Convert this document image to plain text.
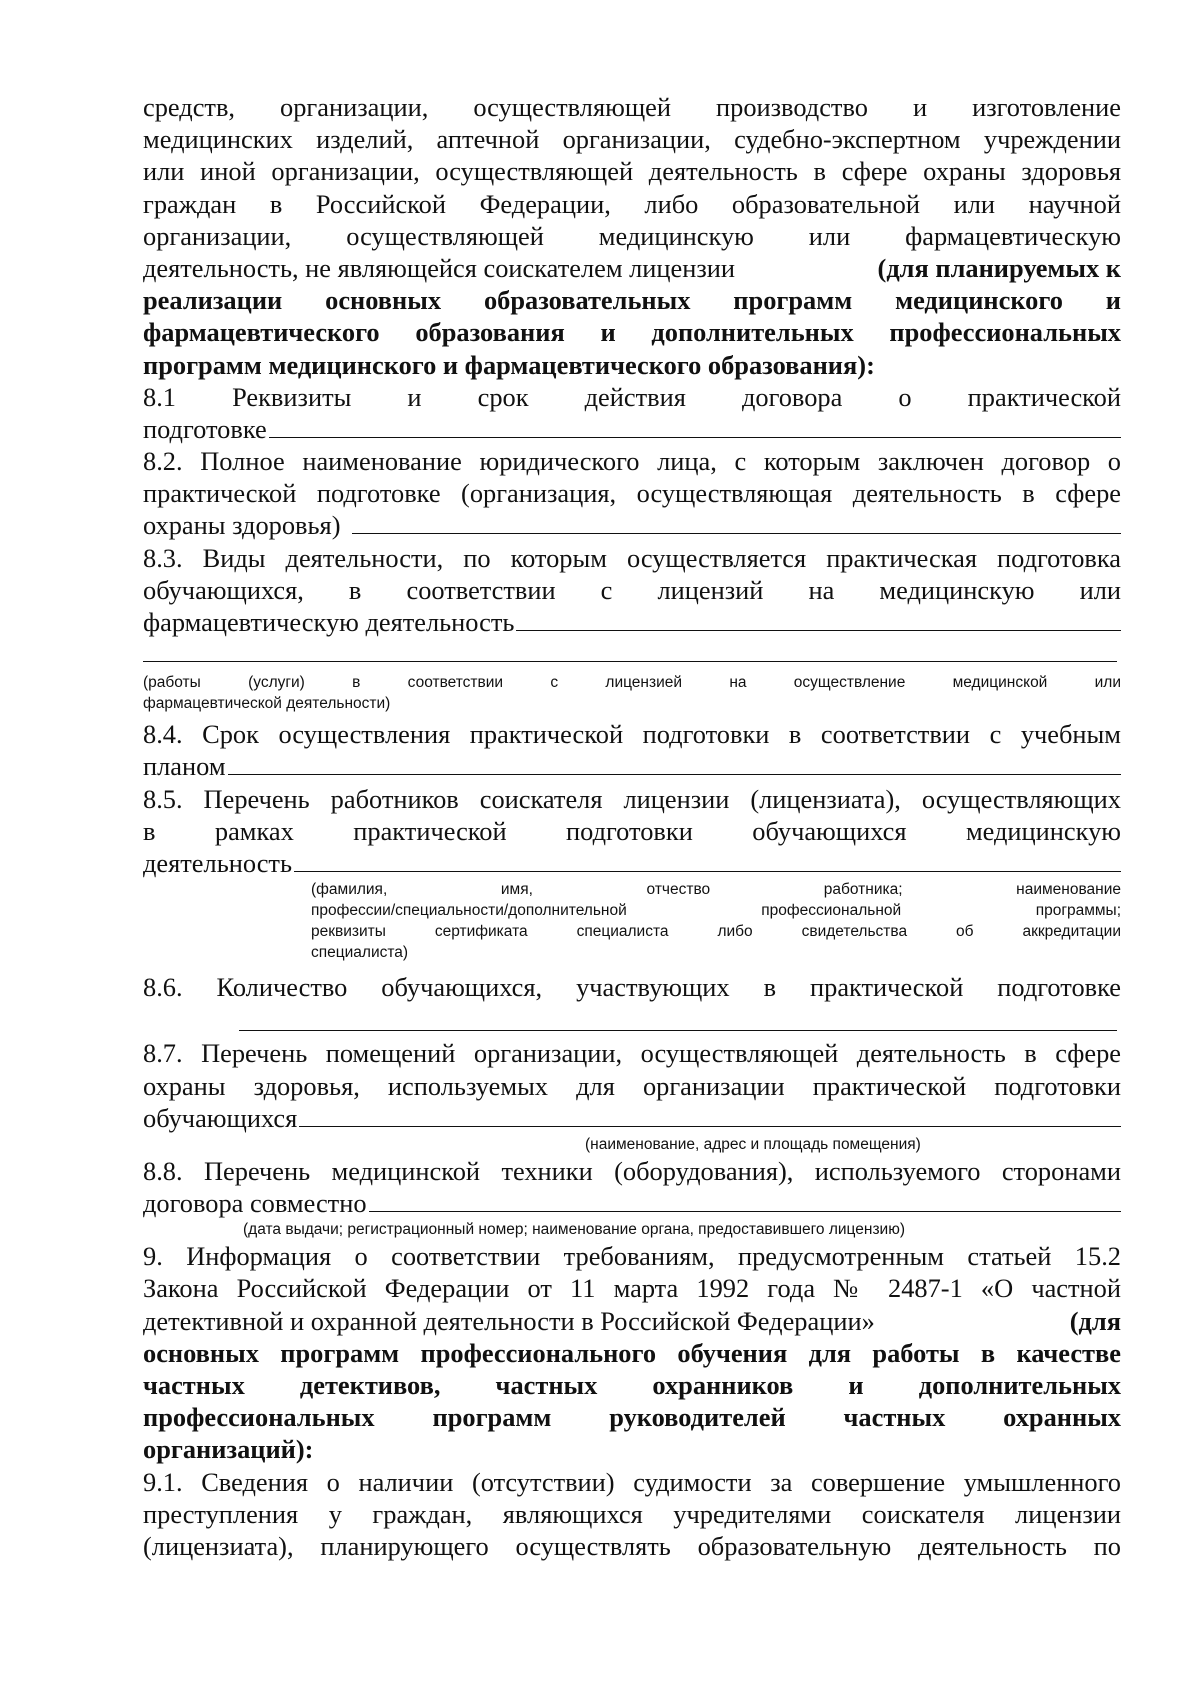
средств, организации, осуществляющей производство и изготовление
медицинских изделий, аптечной организации, судебно-экспертном учреждении
или иной организации, осуществляющей деятельность в сфере охраны здоровья
граждан в Российской Федерации, либо образовательной или научной
организации, осуществляющей медицинскую или фармацевтическую
деятельность, не являющейся соискателем лицензии	(для планируемых к
реализации основных образовательных программ медицинского и
фармацевтического образования и дополнительных профессиональных
программ медицинского и фармацевтического образования):
8.1 Реквизиты и срок действия договора о практической
подготовке
8.2. Полное наименование юридического лица, с которым заключен договор о
практической подготовке (организация, осуществляющая деятельность в сфере
охраны здоровья)
8.3. Виды деятельности, по которым осуществляется практическая подготовка
обучающихся, в соответствии с лицензий на медицинскую или
фармацевтическую деятельность
(работы (услуги) в соответствии с лицензией на осуществление медицинской или
фармацевтической деятельности)
8.4. Срок осуществления практической подготовки в соответствии с учебным
планом
8.5. Перечень работников соискателя лицензии (лицензиата), осуществляющих
в рамках практической подготовки обучающихся медицинскую
деятельность
(фамилия, имя, отчество работника; наименование
профессии/специальности/дополнительной профессиональной программы;
реквизиты сертификата специалиста либо свидетельства об аккредитации
специалиста)
8.6. Количество обучающихся, участвующих в практической подготовке
8.7. Перечень помещений организации, осуществляющей деятельность в сфере
охраны здоровья, используемых для организации практической подготовки
обучающихся
(наименование, адрес и площадь помещения)
8.8. Перечень медицинской техники (оборудования), используемого сторонами
договора совместно
(дата выдачи; регистрационный номер; наименование органа, предоставившего лицензию)
9. Информация о соответствии требованиям, предусмотренным статьей 15.2
Закона Российской Федерации от 11 марта 1992 года № 2487-1 «О частной
детективной и охранной деятельности в Российской Федерации»	(для
основных программ профессионального обучения для работы в качестве
частных детективов, частных охранников и дополнительных
профессиональных программ руководителей частных охранных
организаций):
9.1. Сведения о наличии (отсутствии) судимости за совершение умышленного
преступления у граждан, являющихся учредителями соискателя лицензии
(лицензиата), планирующего осуществлять образовательную деятельность по
